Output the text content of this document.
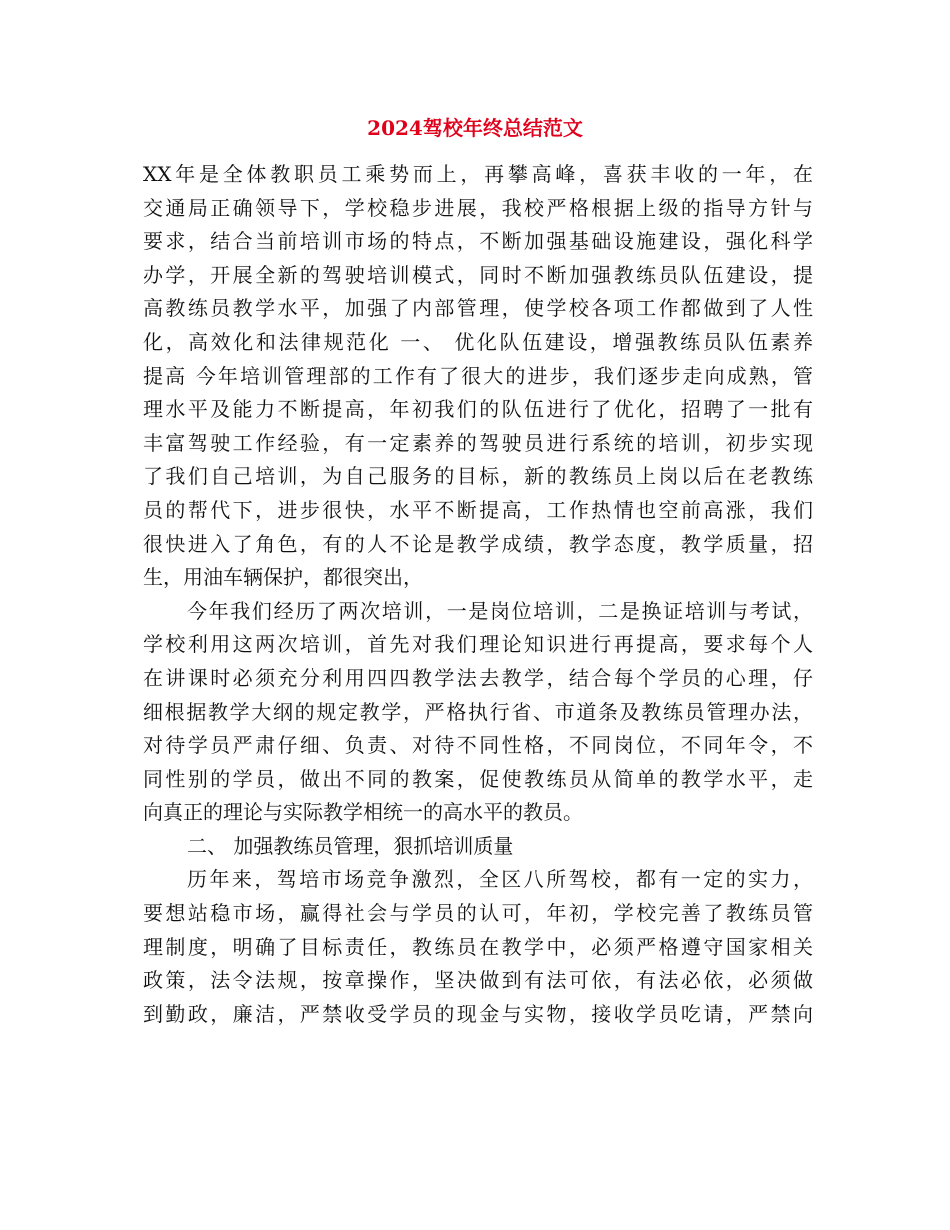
2024驾校年终总结范文
XX年是全体教职员工乘势而上，再攀高峰，喜获丰收的一年，在
交通局正确领导下，学校稳步进展，我校严格根据上级的指导方针与
要求，结合当前培训市场的特点，不断加强基础设施建设，强化科学
办学，开展全新的驾驶培训模式，同时不断加强教练员队伍建设，提
高教练员教学水平，加强了内部管理，使学校各项工作都做到了人性
化，高效化和法律规范化 一、 优化队伍建设，增强教练员队伍素养
提高 今年培训管理部的工作有了很大的进步，我们逐步走向成熟，管
理水平及能力不断提高，年初我们的队伍进行了优化，招聘了一批有
丰富驾驶工作经验，有一定素养的驾驶员进行系统的培训，初步实现
了我们自己培训，为自己服务的目标，新的教练员上岗以后在老教练
员的帮代下，进步很快，水平不断提高，工作热情也空前高涨，我们
很快进入了角色，有的人不论是教学成绩，教学态度，教学质量，招
生，用油车辆保护，都很突出，
今年我们经历了两次培训，一是岗位培训，二是换证培训与考试，
学校利用这两次培训，首先对我们理论知识进行再提高，要求每个人
在讲课时必须充分利用四四教学法去教学，结合每个学员的心理，仔
细根据教学大纲的规定教学，严格执行省、市道条及教练员管理办法，
对待学员严肃仔细、负责、对待不同性格，不同岗位，不同年令，不
同性别的学员，做出不同的教案，促使教练员从简单的教学水平，走
向真正的理论与实际教学相统一的高水平的教员。
二、 加强教练员管理，狠抓培训质量
历年来，驾培市场竞争激烈，全区八所驾校，都有一定的实力，
要想站稳市场，赢得社会与学员的认可，年初，学校完善了教练员管
理制度，明确了目标责任，教练员在教学中，必须严格遵守国家相关
政策，法令法规，按章操作，坚决做到有法可依，有法必依，必须做
到勤政，廉洁，严禁收受学员的现金与实物，接收学员吃请，严禁向
